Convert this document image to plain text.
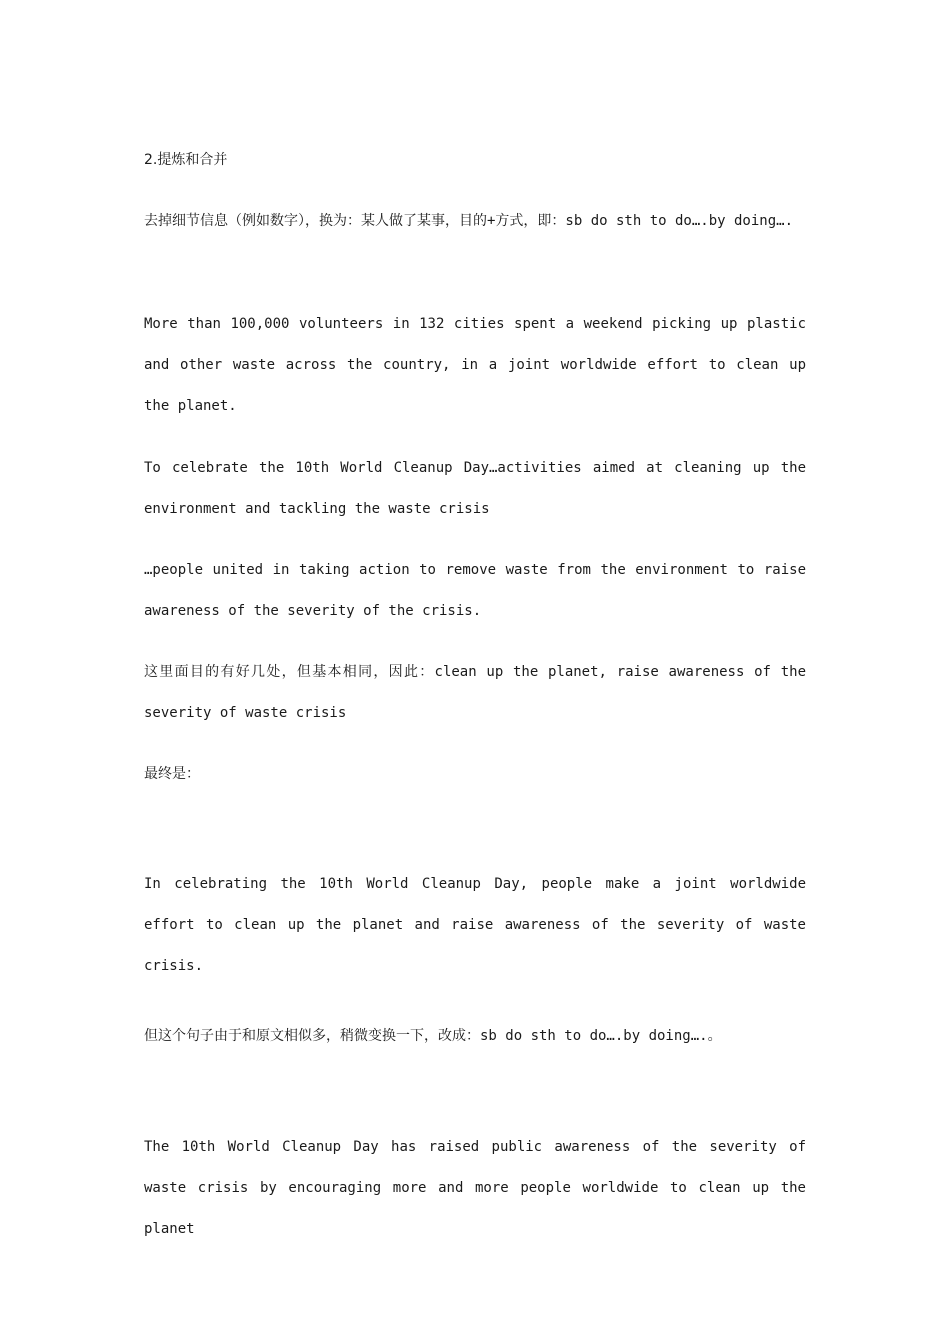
2.提炼和合并

去掉细节信息（例如数字），换为：某人做了某事，目的+方式，即：sb do sth to do….by doing….

More than 100,000 volunteers in 132 cities spent a weekend picking up plastic and other waste across the country, in a joint worldwide effort to clean up the planet.

To celebrate the 10th World Cleanup Day…activities aimed at cleaning up the environment and tackling the waste crisis

…people united in taking action to remove waste from the environment to raise awareness of the severity of the crisis.

这里面目的有好几处，但基本相同，因此：clean up the planet, raise awareness of the severity of waste crisis

最终是：

In celebrating the 10th World Cleanup Day, people make a joint worldwide effort to clean up the planet and raise awareness of the severity of waste crisis.

但这个句子由于和原文相似多，稍微变换一下，改成：sb do sth to do….by doing….。

The 10th World Cleanup Day has raised public awareness of the severity of waste crisis by encouraging more and more people worldwide to clean up the planet
